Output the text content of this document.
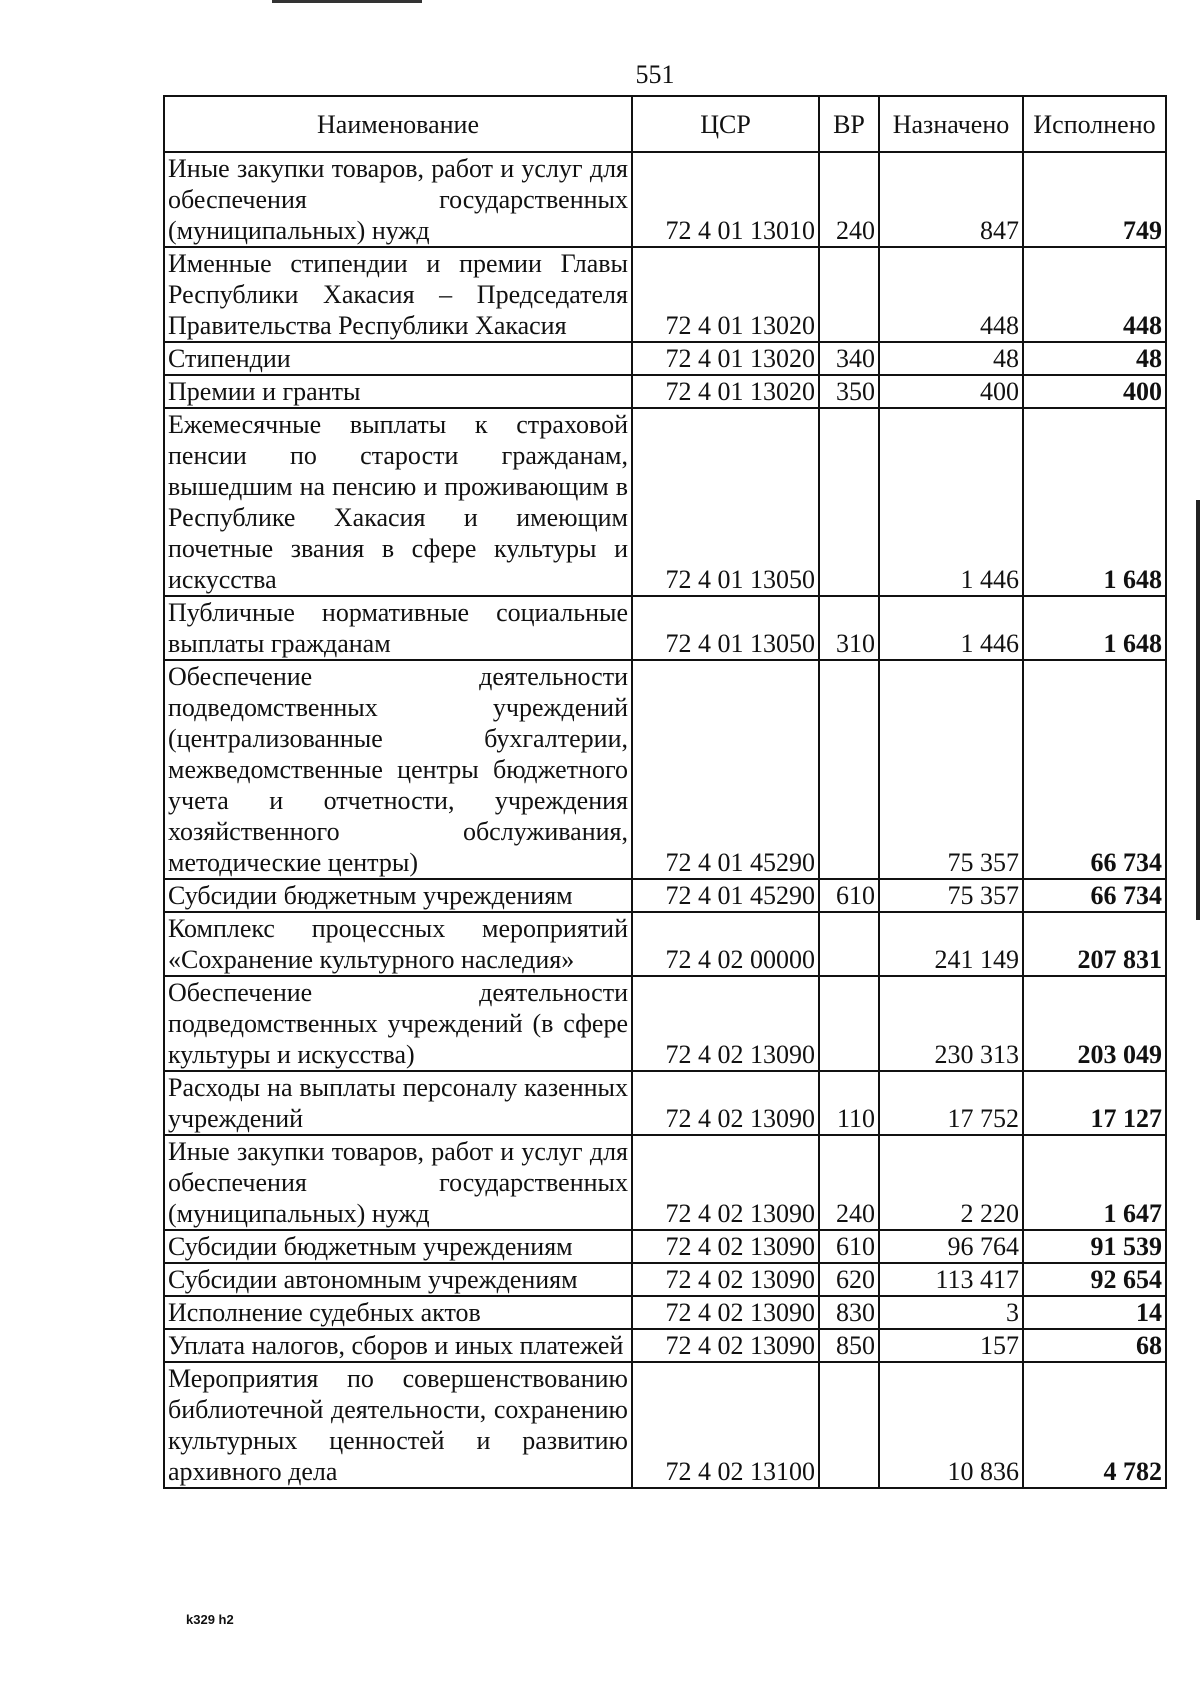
551
Наименование	ЦСР	ВР	Назначено	Исполнено
Иные закупки товаров, работ и услуг для обеспечения государственных (муниципальных) нужд	72 4 01 13010	240	847	749
Именные стипендии и премии Главы Республики Хакасия – Председателя Правительства Республики Хакасия	72 4 01 13020		448	448
Стипендии	72 4 01 13020	340	48	48
Премии и гранты	72 4 01 13020	350	400	400
Ежемесячные выплаты к страховой пенсии по старости гражданам, вышедшим на пенсию и проживающим в Республике Хакасия и имеющим почетные звания в сфере культуры и искусства	72 4 01 13050		1 446	1 648
Публичные нормативные социальные выплаты гражданам	72 4 01 13050	310	1 446	1 648
Обеспечение деятельности подведомственных учреждений (централизованные бухгалтерии, межведомственные центры бюджетного учета и отчетности, учреждения хозяйственного обслуживания, методические центры)	72 4 01 45290		75 357	66 734
Субсидии бюджетным учреждениям	72 4 01 45290	610	75 357	66 734
Комплекс процессных мероприятий «Сохранение культурного наследия»	72 4 02 00000		241 149	207 831
Обеспечение деятельности подведомственных учреждений (в сфере культуры и искусства)	72 4 02 13090		230 313	203 049
Расходы на выплаты персоналу казенных учреждений	72 4 02 13090	110	17 752	17 127
Иные закупки товаров, работ и услуг для обеспечения государственных (муниципальных) нужд	72 4 02 13090	240	2 220	1 647
Субсидии бюджетным учреждениям	72 4 02 13090	610	96 764	91 539
Субсидии автономным учреждениям	72 4 02 13090	620	113 417	92 654
Исполнение судебных актов	72 4 02 13090	830	3	14
Уплата налогов, сборов и иных платежей	72 4 02 13090	850	157	68
Мероприятия по совершенствованию библиотечной деятельности, сохранению культурных ценностей и развитию архивного дела	72 4 02 13100		10 836	4 782
k329 h2
